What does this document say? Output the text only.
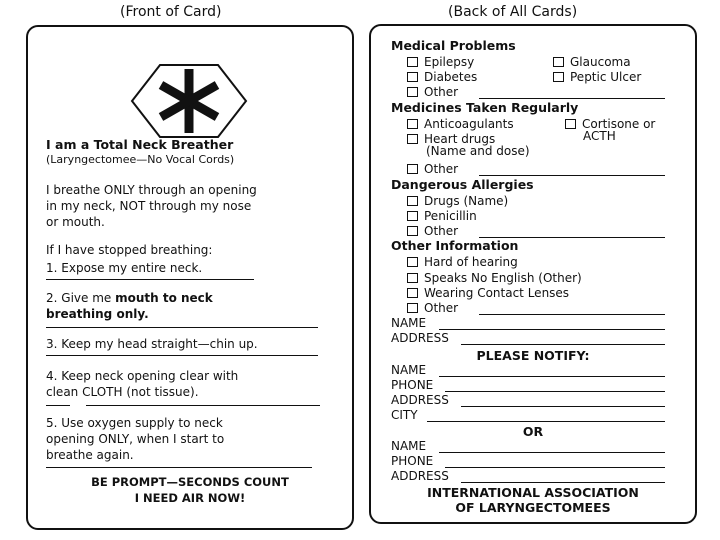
(Front of Card)	(Back of All Cards)
I am a Total Neck Breather
(Laryngectomee—No Vocal Cords)
I breathe ONLY through an opening
in my neck, NOT through my nose
or mouth.
If I have stopped breathing:
1. Expose my entire neck.
2. Give me mouth to neck
breathing only.
3. Keep my head straight—chin up.
4. Keep neck opening clear with
clean CLOTH (not tissue).
5. Use oxygen supply to neck
opening ONLY, when I start to
breathe again.
BE PROMPT—SECONDS COUNT
I NEED AIR NOW!
Medical Problems
Epilepsy	Glaucoma
Diabetes	Peptic Ulcer
Other
Medicines Taken Regularly
Anticoagulants	Cortisone or
ACTH
Heart drugs
(Name and dose)
Other
Dangerous Allergies
Drugs (Name)
Penicillin
Other
Other Information
Hard of hearing
Speaks No English (Other)
Wearing Contact Lenses
Other
NAME
ADDRESS
PLEASE NOTIFY:
NAME
PHONE
ADDRESS
CITY
OR
NAME
PHONE
ADDRESS
INTERNATIONAL ASSOCIATION
OF LARYNGECTOMEES
